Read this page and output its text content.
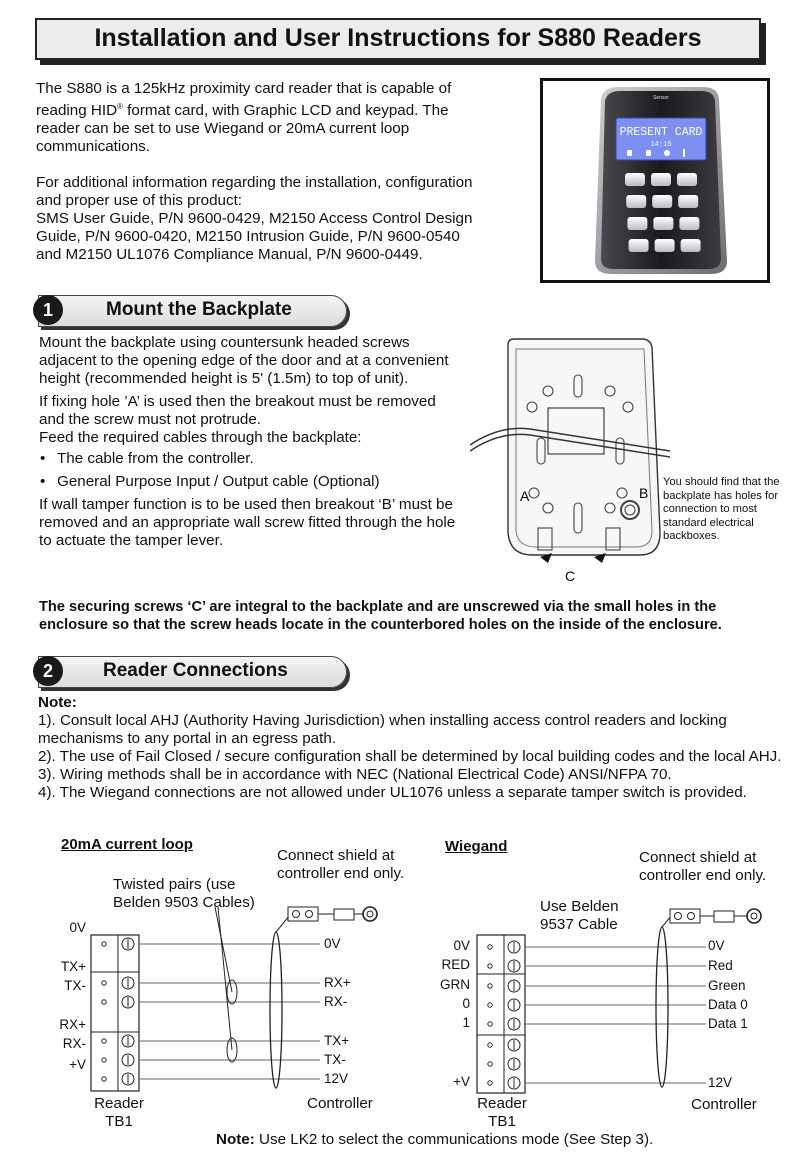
Installation and User Instructions for S880 Readers

The S880 is a 125kHz proximity card reader that is capable of reading HID® format card, with Graphic LCD and keypad. The reader can be set to use Wiegand or 20mA current loop communications.

For additional information regarding the installation, configuration and proper use of this product:

SMS User Guide, P/N 9600-0429, M2150 Access Control Design Guide, P/N 9600-0420, M2150 Intrusion Guide, P/N 9600-0540 and M2150 UL1076 Compliance Manual, P/N 9600-0449.

Sensor
PRESENT CARD
14:15
1	Mount the Backplate

Mount the backplate using countersunk headed screws adjacent to the opening edge of the door and at a convenient height (recommended height is 5' (1.5m) to top of unit).

If fixing hole ’A’ is used then the breakout must be removed and the screw must not protrude.

Feed the required cables through the backplate:

• The cable from the controller.
• General Purpose Input / Output cable (Optional)

If wall tamper function is to be used then breakout ‘B’ must be removed and an appropriate wall screw fitted through the hole to actuate the tamper lever.

A	B
C
You should find that the backplate has holes for connection to most standard electrical backboxes.
The securing screws ‘C’ are integral to the backplate and are unscrewed via the small holes in the enclosure so that the screw heads locate in the counterbored holes on the inside of the enclosure.
2	Reader Connections

Note:

1). Consult local AHJ (Authority Having Jurisdiction) when installing access control readers and locking mechanisms to any portal in an egress path.

2). The use of Fail Closed / secure configuration shall be determined by local building codes and the local AHJ.

3). Wiring methods shall be in accordance with NEC (National Electrical Code) ANSI/NFPA 70.

4). The Wiegand connections are not allowed under UL1076 unless a separate tamper switch is provided.

20mA current loop
Twisted pairs (use Belden 9503 Cables)
Connect shield at controller end only.
0V
TX+
TX-
RX+
RX-
+V
0V
RX+
RX-
TX+
TX-
12V
Reader
TB1
Controller
Wiegand
Use Belden 9537 Cable
Connect shield at controller end only.
0V
RED
GRN
0
1
+V
0V
Red
Green
Data 0
Data 1
12V
Reader
TB1
Controller
Note: Use LK2 to select the communications mode (See Step 3).
